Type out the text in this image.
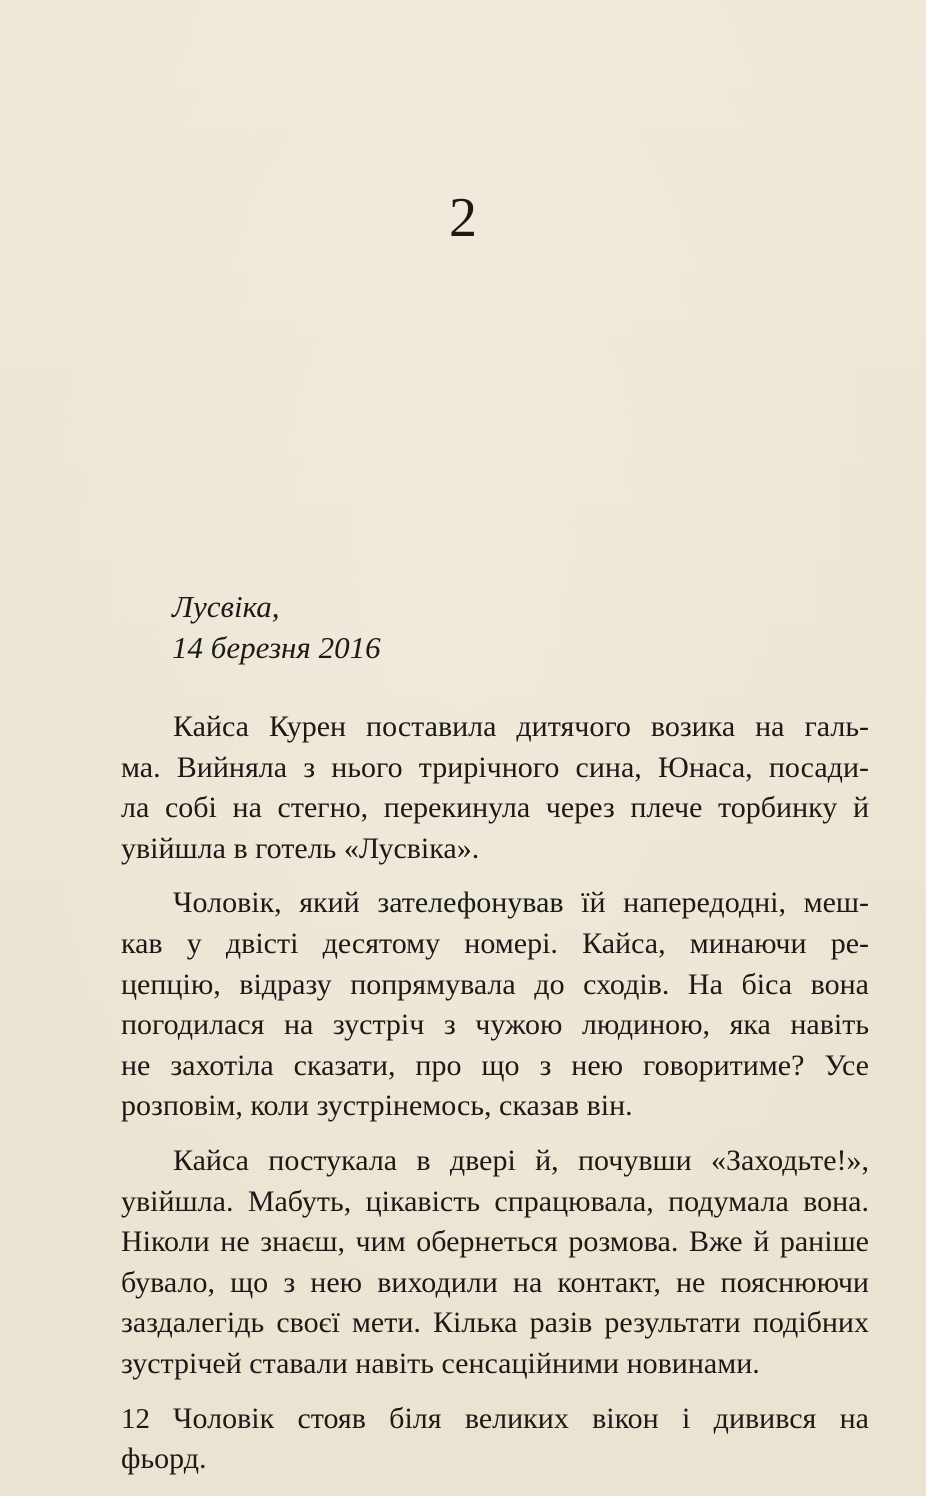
2
Лусвіка,
14 березня 2016

Кайса Курен поставила дитячого возика на галь-
ма. Вийняла з нього трирічного сина, Юнаса, посади-
ла собі на стегно, перекинула через плече торбинку й
увійшла в готель «Лусвіка».

Чоловік, який зателефонував їй напередодні, меш-
кав у двісті десятому номері. Кайса, минаючи ре-
цепцію, відразу попрямувала до сходів. На біса вона
погодилася на зустріч з чужою людиною, яка навіть
не захотіла сказати, про що з нею говоритиме? Усе
розповім, коли зустрінемось, сказав він.

Кайса постукала в двері й, почувши «Заходьте!»,
увійшла. Мабуть, цікавість спрацювала, подумала вона.
Ніколи не знаєш, чим обернеться розмова. Вже й раніше
бувало, що з нею виходили на контакт, не пояснюючи
заздалегідь своєї мети. Кілька разів результати подібних
зустрічей ставали навіть сенсаційними новинами.

Чоловік стояв біля великих вікон і дивився на
фьорд.

12
